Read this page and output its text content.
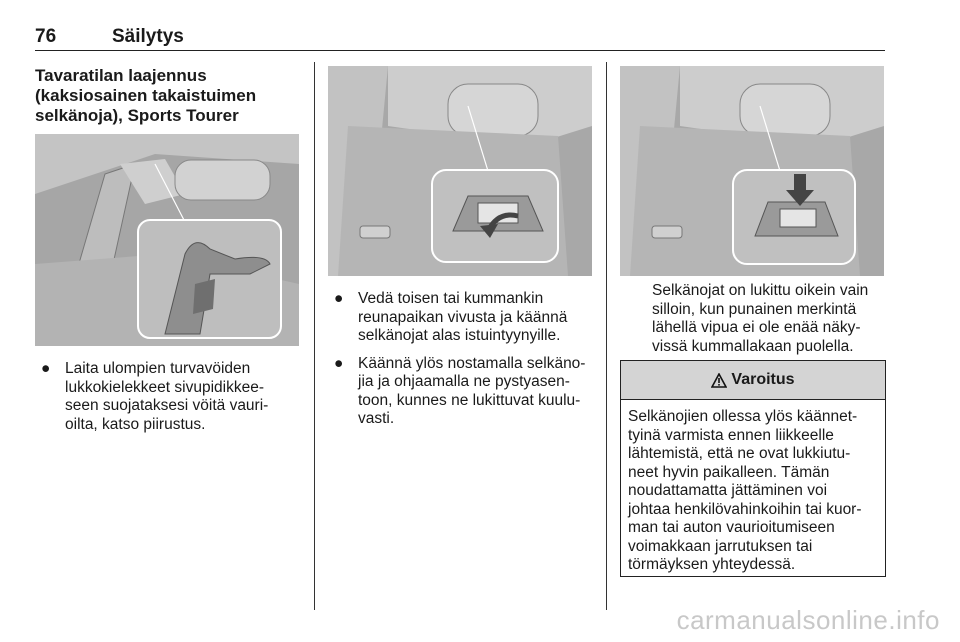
76	Säilytys
Tavaratilan laajennus
(kaksiosainen takaistuimen
selkänoja), Sports Tourer
● Laita ulompien turvavöiden
lukkokielekkeet sivupidikkee-
seen suojataksesi vöitä vauri-
oilta, katso piirustus.
● Vedä toisen tai kummankin
reunapaikan vivusta ja käännä
selkänojat alas istuintyynyille.
● Käännä ylös nostamalla selkäno-
jia ja ohjaamalla ne pystyasen-
toon, kunnes ne lukittuvat kuulu-
vasti.
Selkänojat on lukittu oikein vain
silloin, kun punainen merkintä
lähellä vipua ei ole enää näky-
vissä kummallakaan puolella.
Varoitus
Selkänojien ollessa ylös käännet-
tyinä varmista ennen liikkeelle
lähtemistä, että ne ovat lukkiutu-
neet hyvin paikalleen. Tämän
noudattamatta jättäminen voi
johtaa henkilövahinkoihin tai kuor-
man tai auton vaurioitumiseen
voimakkaan jarrutuksen tai
törmäyksen yhteydessä.
carmanualsonline.info
